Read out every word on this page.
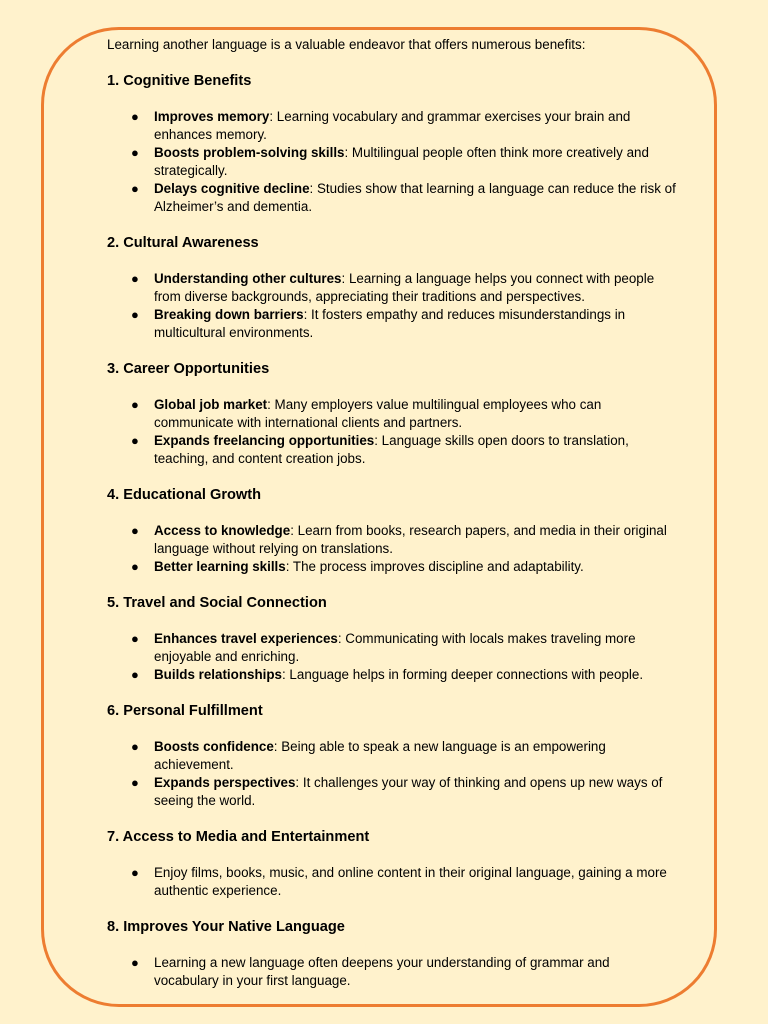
Learning another language is a valuable endeavor that offers numerous benefits:

1. Cognitive Benefits
● Improves memory: Learning vocabulary and grammar exercises your brain and enhances memory.
● Boosts problem-solving skills: Multilingual people often think more creatively and strategically.
● Delays cognitive decline: Studies show that learning a language can reduce the risk of Alzheimer’s and dementia.
2. Cultural Awareness
● Understanding other cultures: Learning a language helps you connect with people from diverse backgrounds, appreciating their traditions and perspectives.
● Breaking down barriers: It fosters empathy and reduces misunderstandings in multicultural environments.
3. Career Opportunities
● Global job market: Many employers value multilingual employees who can communicate with international clients and partners.
● Expands freelancing opportunities: Language skills open doors to translation, teaching, and content creation jobs.
4. Educational Growth
● Access to knowledge: Learn from books, research papers, and media in their original language without relying on translations.
● Better learning skills: The process improves discipline and adaptability.
5. Travel and Social Connection
● Enhances travel experiences: Communicating with locals makes traveling more enjoyable and enriching.
● Builds relationships: Language helps in forming deeper connections with people.
6. Personal Fulfillment
● Boosts confidence: Being able to speak a new language is an empowering achievement.
● Expands perspectives: It challenges your way of thinking and opens up new ways of seeing the world.
7. Access to Media and Entertainment
● Enjoy films, books, music, and online content in their original language, gaining a more authentic experience.
8. Improves Your Native Language
● Learning a new language often deepens your understanding of grammar and vocabulary in your first language.
